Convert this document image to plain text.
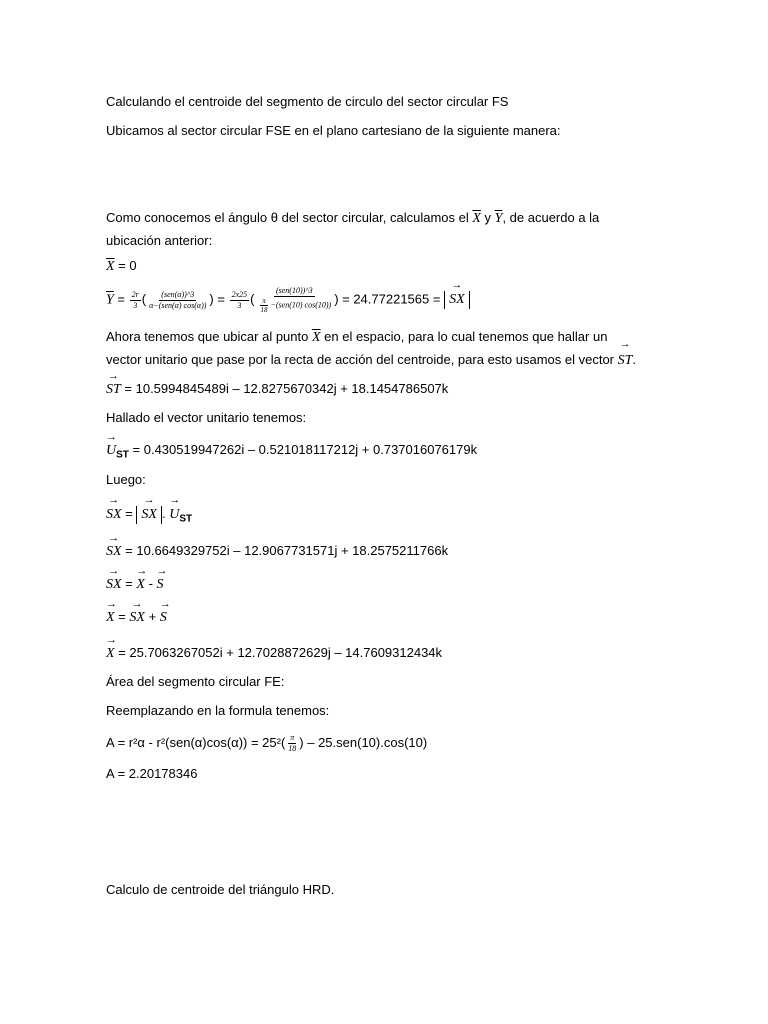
Calculando el centroide del segmento de circulo del sector circular FS
Ubicamos al sector circular FSE en el plano cartesiano de la siguiente manera:
Como conocemos el ángulo θ del sector circular, calculamos el $\overline{X}$ y $\overline{Y}$, de acuerdo a la ubicación anterior:
$\overline{X} = 0$
$\overline{Y} = \frac{2r}{3}$ ( $\frac{\text{(sen(α))\textasciicircum{}3}}{\text{α−(sen(α) cos(α))}}$ ) = $\frac{2x25}{3}$ ( $\frac{\text{(sen(10))\textasciicircum{}3}}{\frac{\pi}{18} -(sen(10) \cos(10))}$ ) = 24.77221565 = → SX
Ahora tenemos que ubicar al punto $\overline{X}$ en el espacio, para lo cual tenemos que hallar un vector unitario que pase por la recta de acción del centroide, para esto usamos el vector → ST.
→ ST = 10.5994845489i – 12.8275670342j + 18.1454786507k
Hallado el vector unitario tenemos:
→ $U_{ST} = 0.430519947262i - 0.521018117212j + 0.737016076179k$
Luego:
→ SX = → SX . → $U_{ST}$
→ SX = 10.6649329752i – 12.9067731571j + 18.2575211766k
→ SX = → X - → S
→ X = → SX + → S
→ X = 25.7063267052i + 12.7028872629j – 14.7609312434k
Área del segmento circular FE:
Reemplazando en la formula tenemos:
$A = r^2\alpha - r^2(sen(\alpha)\cos(\alpha)) = 25^2( \frac{\pi}{18}$ ) – 25.sen(10).cos(10)
A = 2.20178346
Calculo de centroide del triángulo HRD.
